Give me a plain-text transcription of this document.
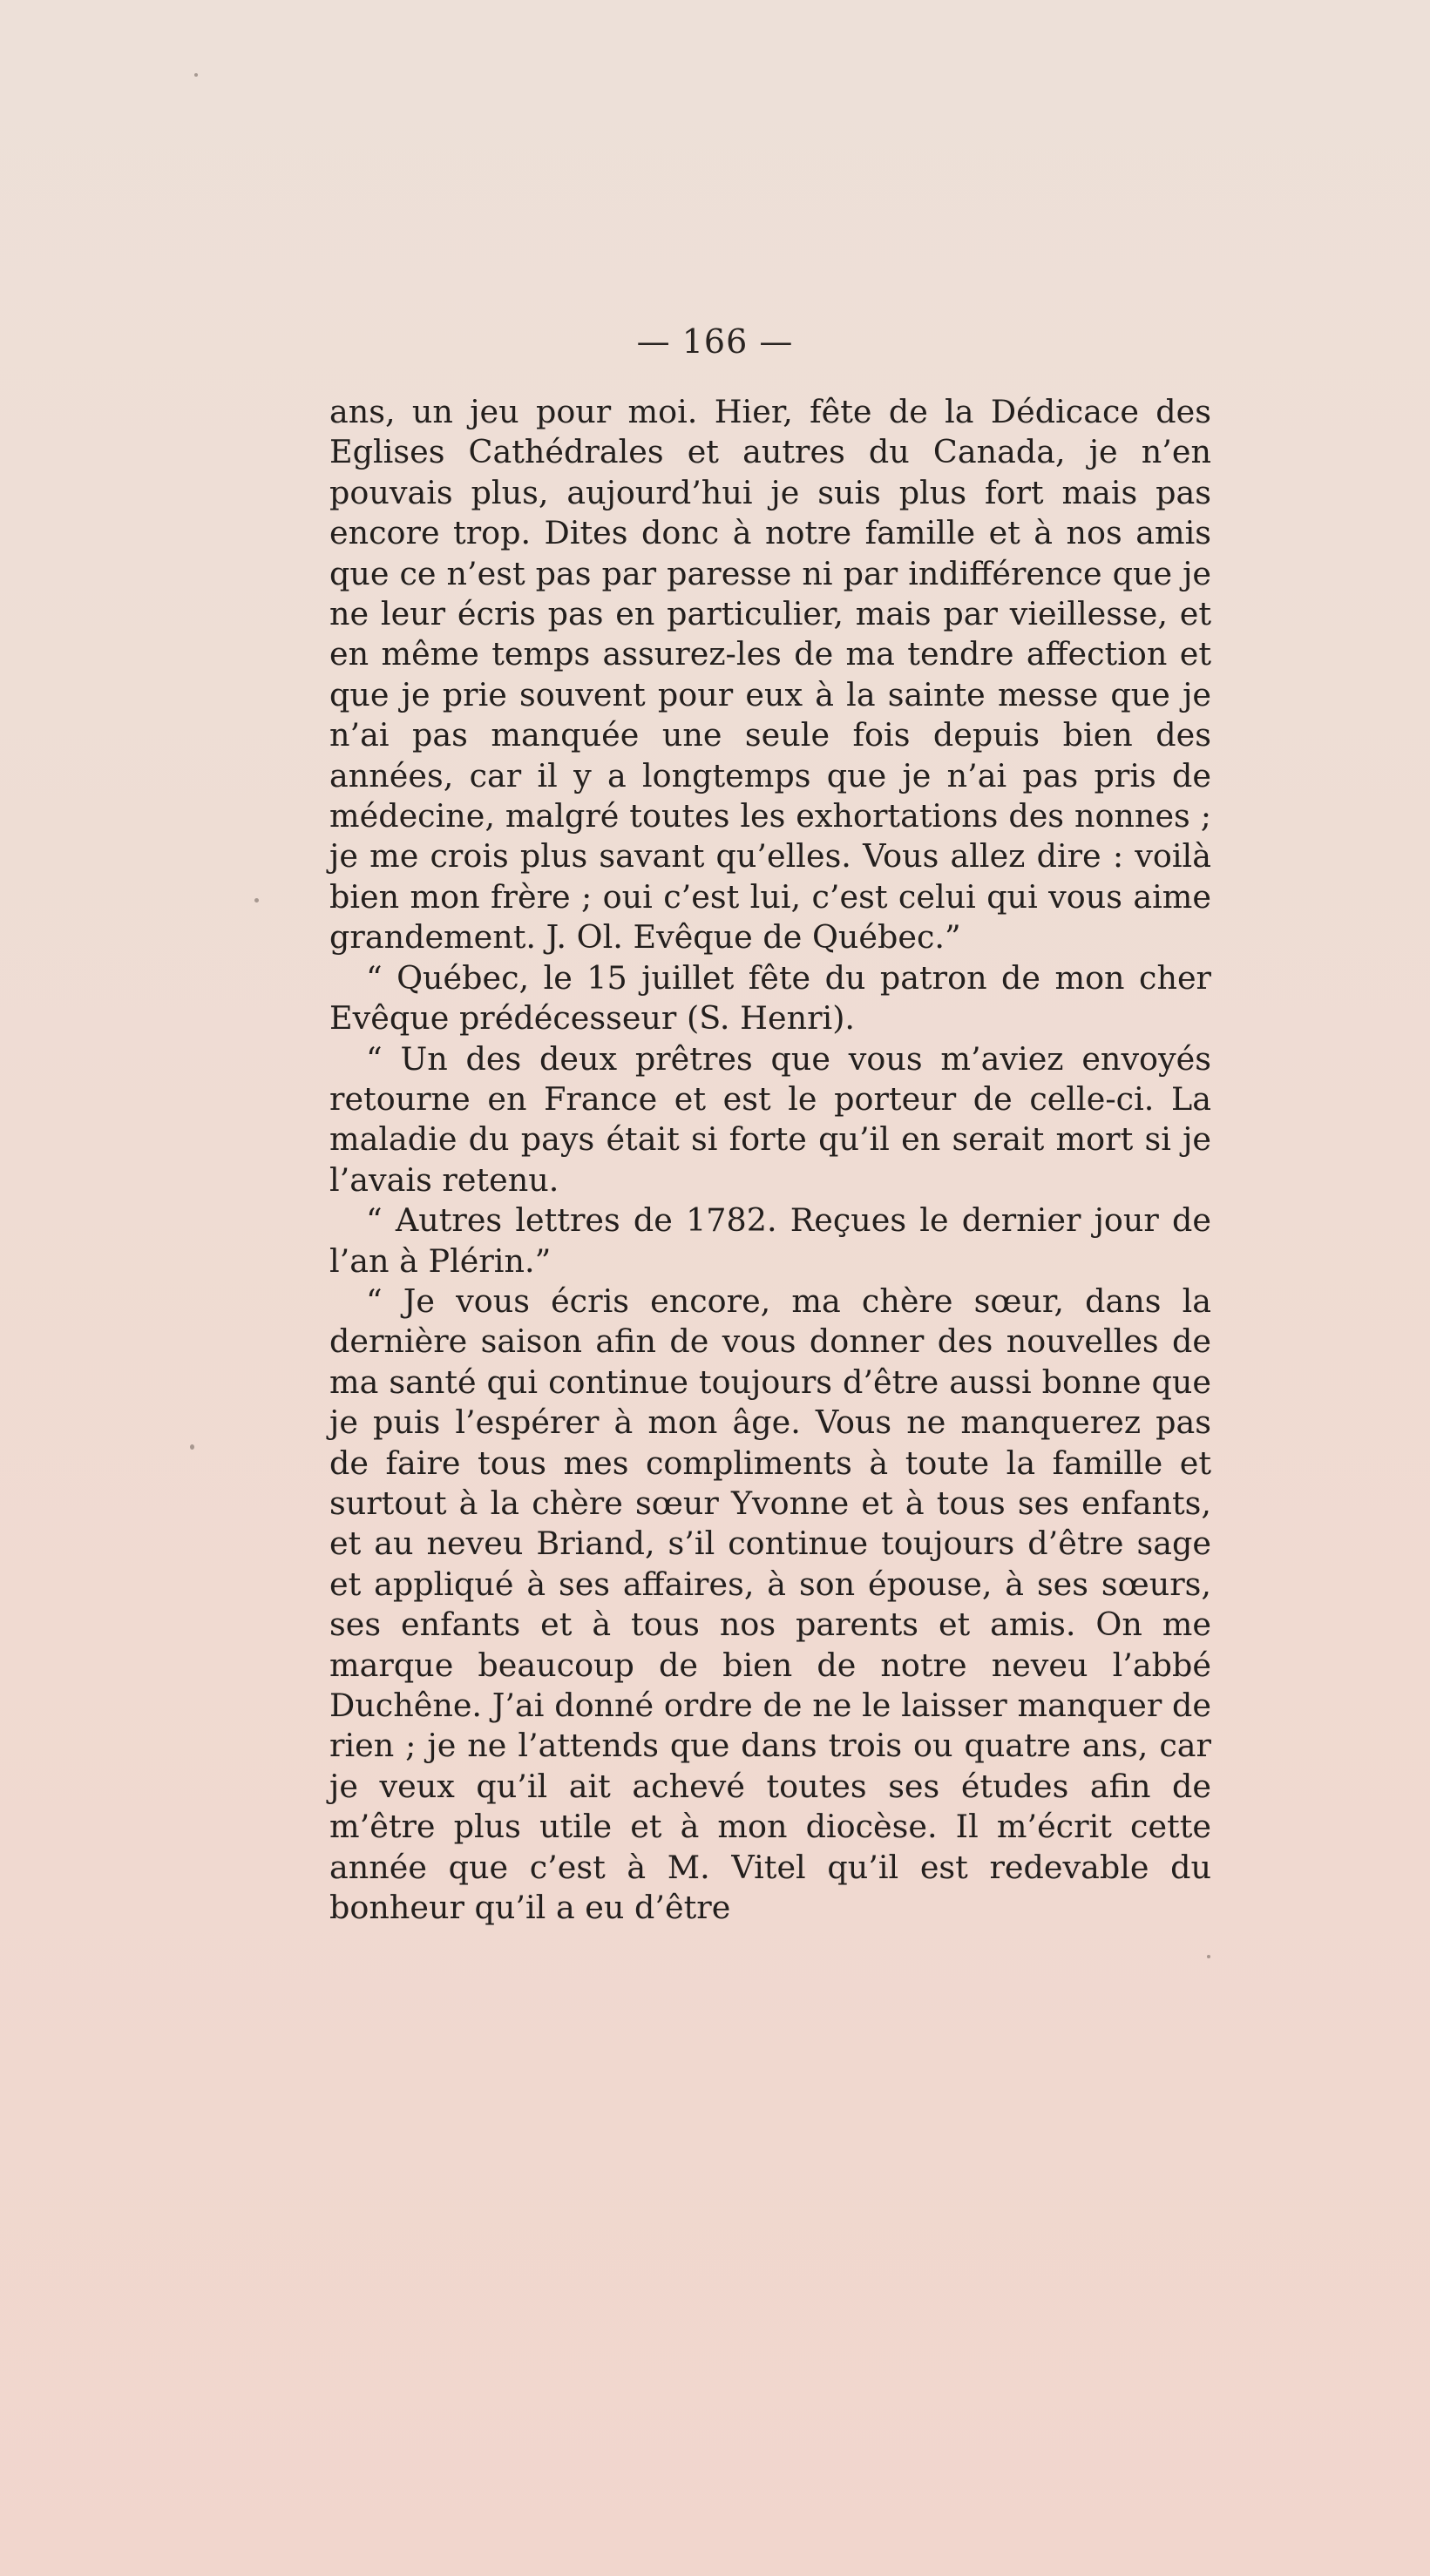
— 166 —

ans, un jeu pour moi. Hier, fête de la Dédicace des Eglises Cathédrales et autres du Canada, je n’en pouvais plus, aujourd’hui je suis plus fort mais pas encore trop. Dites donc à notre famille et à nos amis que ce n’est pas par paresse ni par indifférence que je ne leur écris pas en particulier, mais par vieillesse, et en même temps assurez-les de ma tendre affection et que je prie souvent pour eux à la sainte messe que je n’ai pas manquée une seule fois depuis bien des années, car il y a longtemps que je n’ai pas pris de médecine, malgré toutes les exhortations des nonnes ; je me crois plus savant qu’elles. Vous allez dire : voilà bien mon frère ; oui c’est lui, c’est celui qui vous aime grandement. J. Ol. Evêque de Québec.”

“ Québec, le 15 juillet fête du patron de mon cher Evêque prédécesseur (S. Henri).

“ Un des deux prêtres que vous m’aviez envoyés retourne en France et est le porteur de celle-ci. La maladie du pays était si forte qu’il en serait mort si je l’avais retenu.

“ Autres lettres de 1782. Reçues le dernier jour de l’an à Plérin.”

“ Je vous écris encore, ma chère sœur, dans la dernière saison afin de vous donner des nouvelles de ma santé qui continue toujours d’être aussi bonne que je puis l’espérer à mon âge. Vous ne manquerez pas de faire tous mes compliments à toute la famille et surtout à la chère sœur Yvonne et à tous ses enfants, et au neveu Briand, s’il continue toujours d’être sage et appliqué à ses affaires, à son épouse, à ses sœurs, ses enfants et à tous nos parents et amis. On me marque beaucoup de bien de notre neveu l’abbé Duchêne. J’ai donné ordre de ne le laisser manquer de rien ; je ne l’attends que dans trois ou quatre ans, car je veux qu’il ait achevé toutes ses études afin de m’être plus utile et à mon diocèse. Il m’écrit cette année que c’est à M. Vitel qu’il est redevable du bonheur qu’il a eu d’être
